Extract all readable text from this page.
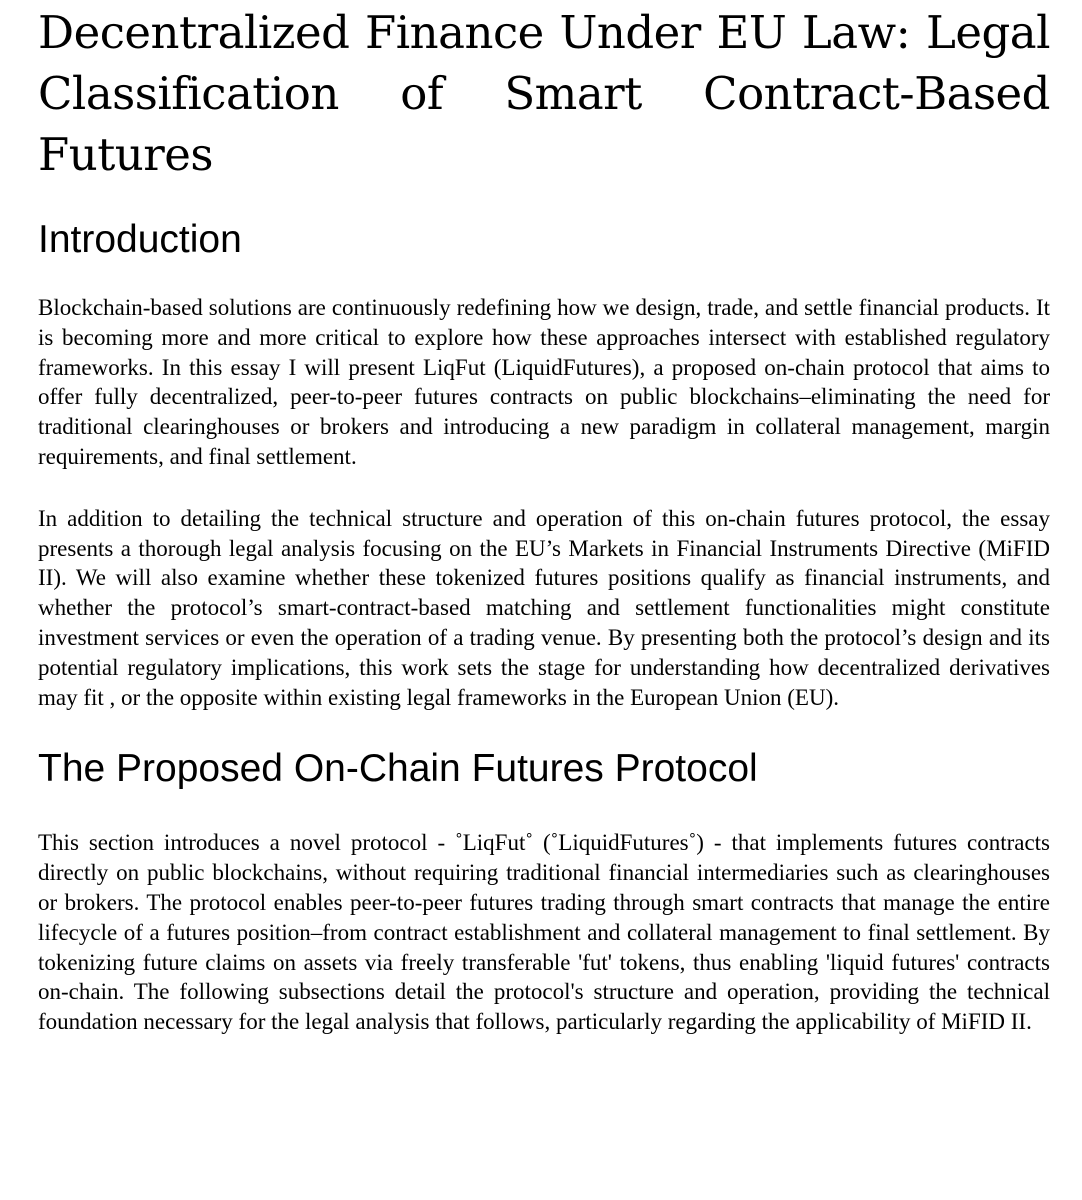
Decentralized Finance Under EU Law: Legal Classification of Smart Contract-Based Futures
Introduction

Blockchain-based solutions are continuously redefining how we design, trade, and settle financial products. It is becoming more and more critical to explore how these approaches intersect with established regulatory frameworks. In this essay I will present LiqFut (LiquidFutures), a proposed on-chain protocol that aims to offer fully decentralized, peer-to-peer futures contracts on public blockchains–eliminating the need for traditional clearinghouses or brokers and introducing a new paradigm in collateral management, margin requirements, and final settlement.

In addition to detailing the technical structure and operation of this on-chain futures protocol, the essay presents a thorough legal analysis focusing on the EU’s Markets in Financial Instruments Directive (MiFID II). We will also examine whether these tokenized futures positions qualify as financial instruments, and whether the protocol’s smart-contract-based matching and settlement functionalities might constitute investment services or even the operation of a trading venue. By presenting both the protocol’s design and its potential regulatory implications, this work sets the stage for understanding how decentralized derivatives may fit , or the opposite within existing legal frameworks in the European Union (EU).

The Proposed On-Chain Futures Protocol

This section introduces a novel protocol - ˚LiqFut˚ (˚LiquidFutures˚) - that implements futures contracts directly on public blockchains, without requiring traditional financial intermediaries such as clearinghouses or brokers. The protocol enables peer-to-peer futures trading through smart contracts that manage the entire lifecycle of a futures position–from contract establishment and collateral management to final settlement. By tokenizing future claims on assets via freely transferable 'fut' tokens, thus enabling 'liquid futures' contracts on-chain. The following subsections detail the protocol's structure and operation, providing the technical foundation necessary for the legal analysis that follows, particularly regarding the applicability of MiFID II.
